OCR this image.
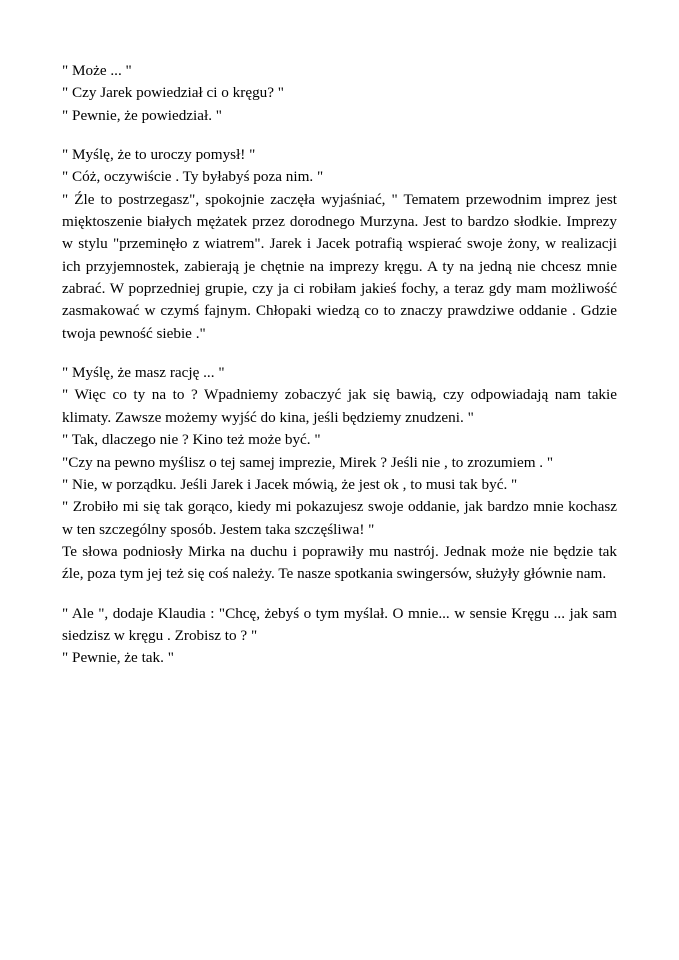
" Może ... "

" Czy Jarek powiedział ci o kręgu? "

" Pewnie, że powiedział. "

" Myślę, że to uroczy pomysł! "

" Cóż, oczywiście . Ty byłabyś poza nim. "

" Źle to postrzegasz", spokojnie zaczęła wyjaśniać, " Tematem przewodnim imprez jest mięktoszenie białych mężatek przez dorodnego Murzyna. Jest to bardzo słodkie. Imprezy w stylu "przeminęło z wiatrem". Jarek i Jacek potrafią wspierać swoje żony, w realizacji ich przyjemnostek, zabierają je chętnie na imprezy kręgu. A ty na jedną nie chcesz mnie zabrać. W poprzedniej grupie, czy ja ci robiłam jakieś fochy, a teraz gdy mam możliwość zasmakować w czymś fajnym. Chłopaki wiedzą co to znaczy prawdziwe oddanie . Gdzie twoja pewność siebie ."

" Myślę, że masz rację ... "

" Więc co ty na to ? Wpadniemy zobaczyć jak się bawią, czy odpowiadają nam takie klimaty. Zawsze możemy wyjść do kina, jeśli będziemy znudzeni. "

" Tak, dlaczego nie ? Kino też może być. "

"Czy na pewno myślisz o tej samej imprezie, Mirek ? Jeśli nie , to zrozumiem . "

" Nie, w porządku. Jeśli Jarek i Jacek mówią, że jest ok , to musi tak być. "

" Zrobiło mi się tak gorąco, kiedy mi pokazujesz swoje oddanie, jak bardzo mnie kochasz w ten szczególny sposób. Jestem taka szczęśliwa! "

Te słowa podniosły Mirka na duchu i poprawiły mu nastrój. Jednak może nie będzie tak źle, poza tym jej też się coś należy. Te nasze spotkania swingersów, służyły głównie nam.

" Ale ", dodaje Klaudia : "Chcę, żebyś o tym myślał. O mnie... w sensie Kręgu ... jak sam siedzisz w kręgu . Zrobisz to ? "

" Pewnie, że tak. "
